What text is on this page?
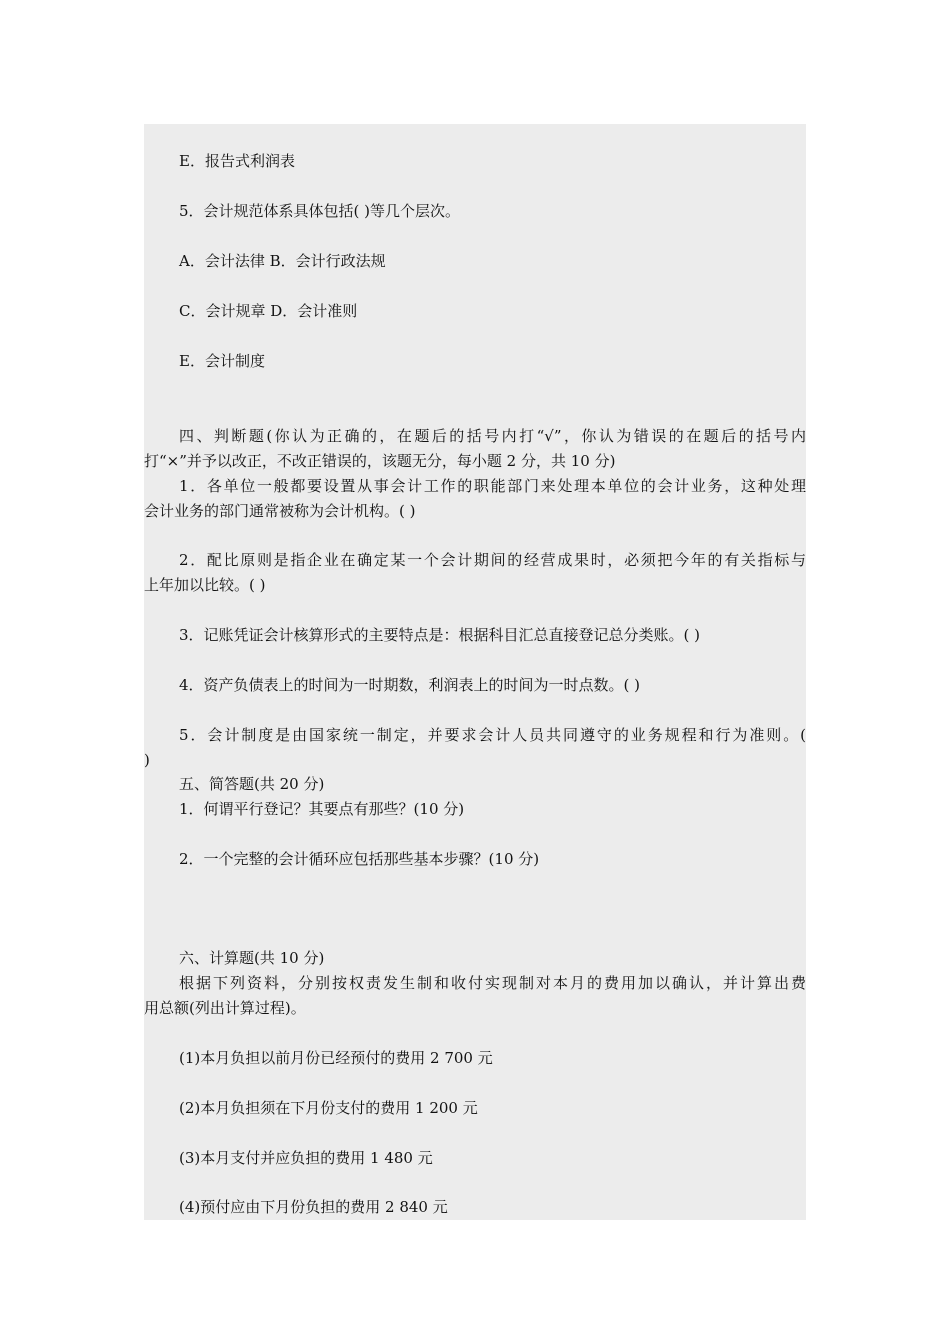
E．报告式利润表
5．会计规范体系具体包括( )等几个层次。
A．会计法律 B．会计行政法规
C．会计规章 D．会计准则
E．会计制度
四、判断题(你认为正确的，在题后的括号内打“√”，你认为错误的在题后的括号内
打“×”并予以改正，不改正错误的，该题无分，每小题 2 分，共 10 分)
1．各单位一般都要设置从事会计工作的职能部门来处理本单位的会计业务，这种处理
会计业务的部门通常被称为会计机构。( )
2．配比原则是指企业在确定某一个会计期间的经营成果时，必须把今年的有关指标与
上年加以比较。( )
3．记账凭证会计核算形式的主要特点是：根据科目汇总直接登记总分类账。( )
4．资产负债表上的时间为一时期数，利润表上的时间为一时点数。( )
5．会计制度是由国家统一制定，并要求会计人员共同遵守的业务规程和行为准则。(
)
五、简答题(共 20 分)
1．何谓平行登记？其要点有那些？(10 分)
2．一个完整的会计循环应包括那些基本步骤？(10 分)
六、计算题(共 10 分)
根据下列资料，分别按权责发生制和收付实现制对本月的费用加以确认，并计算出费
用总额(列出计算过程)。
(1)本月负担以前月份已经预付的费用 2 700 元
(2)本月负担须在下月份支付的费用 1 200 元
(3)本月支付并应负担的费用 1 480 元
(4)预付应由下月份负担的费用 2 840 元
